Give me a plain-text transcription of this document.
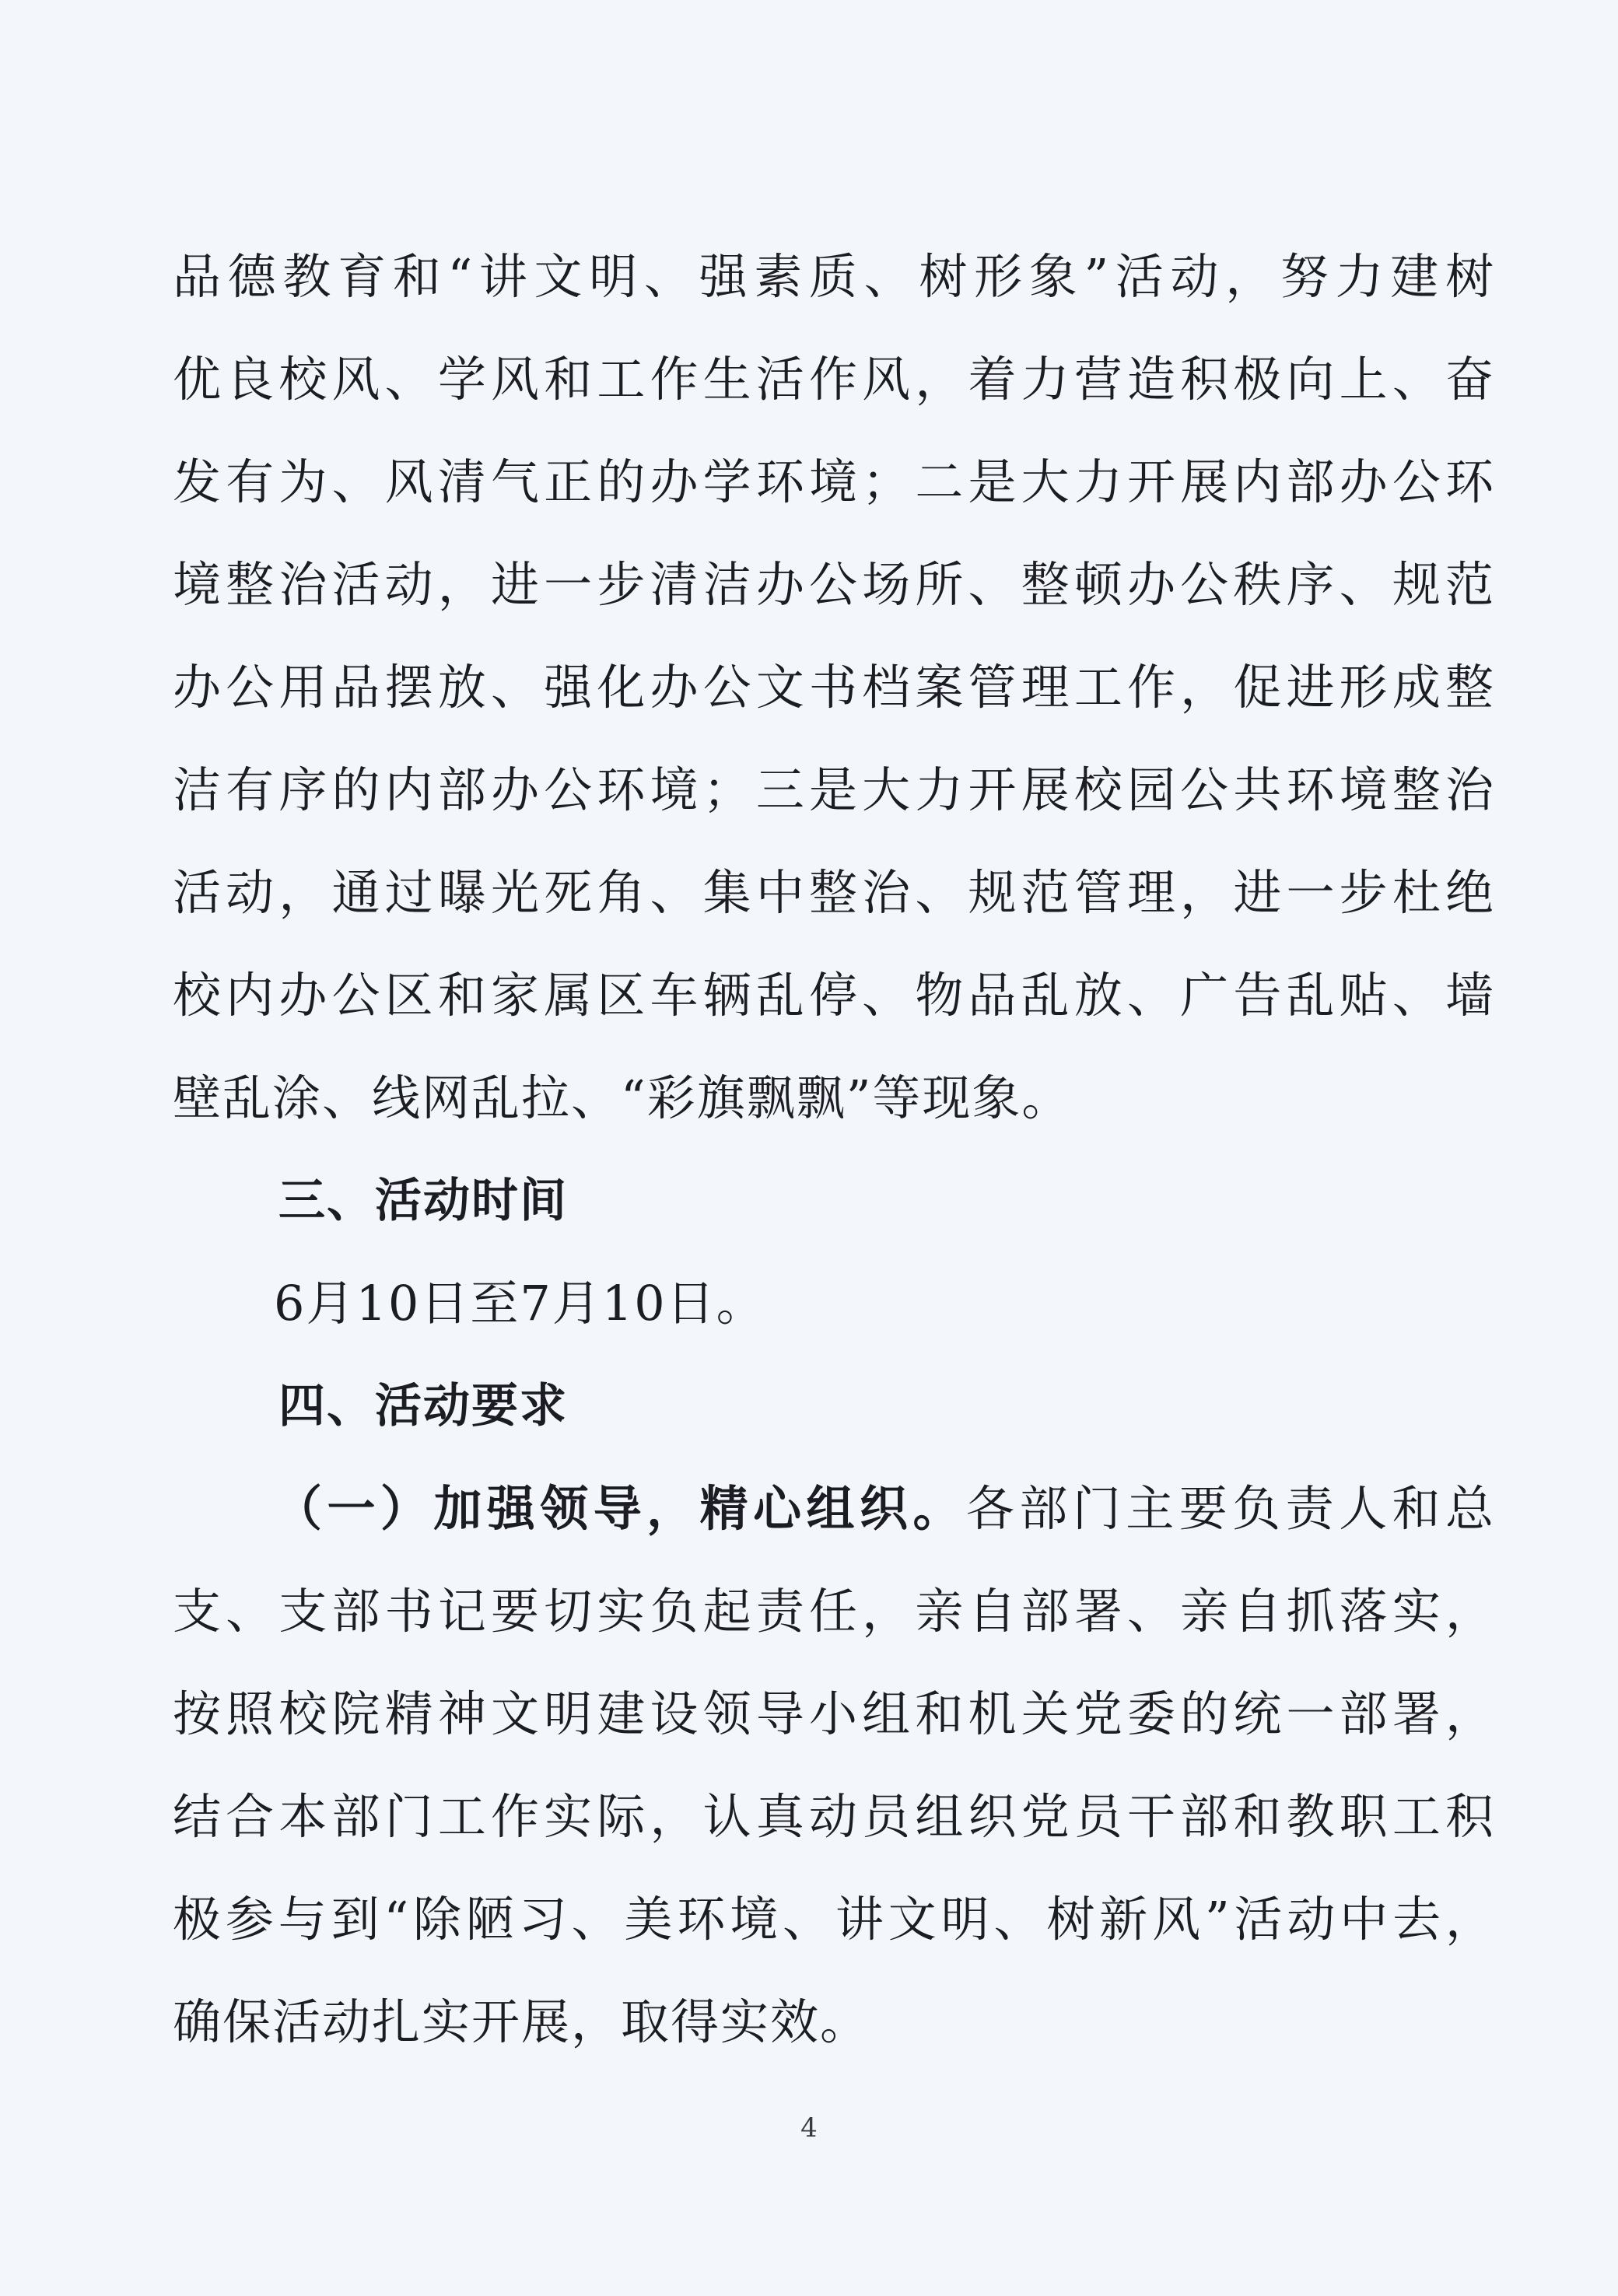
品德教育和“讲文明、强素质、树形象”活动，努力建树
优良校风、学风和工作生活作风，着力营造积极向上、奋
发有为、风清气正的办学环境；二是大力开展内部办公环
境整治活动，进一步清洁办公场所、整顿办公秩序、规范
办公用品摆放、强化办公文书档案管理工作，促进形成整
洁有序的内部办公环境；三是大力开展校园公共环境整治
活动，通过曝光死角、集中整治、规范管理，进一步杜绝
校内办公区和家属区车辆乱停、物品乱放、广告乱贴、墙
壁乱涂、线网乱拉、“彩旗飘飘”等现象。
三、活动时间
6月10日至7月10日。
四、活动要求
（一）加强领导，精心组织。各部门主要负责人和总
支、支部书记要切实负起责任，亲自部署、亲自抓落实，
按照校院精神文明建设领导小组和机关党委的统一部署，
结合本部门工作实际，认真动员组织党员干部和教职工积
极参与到“除陋习、美环境、讲文明、树新风”活动中去，
确保活动扎实开展，取得实效。
4
